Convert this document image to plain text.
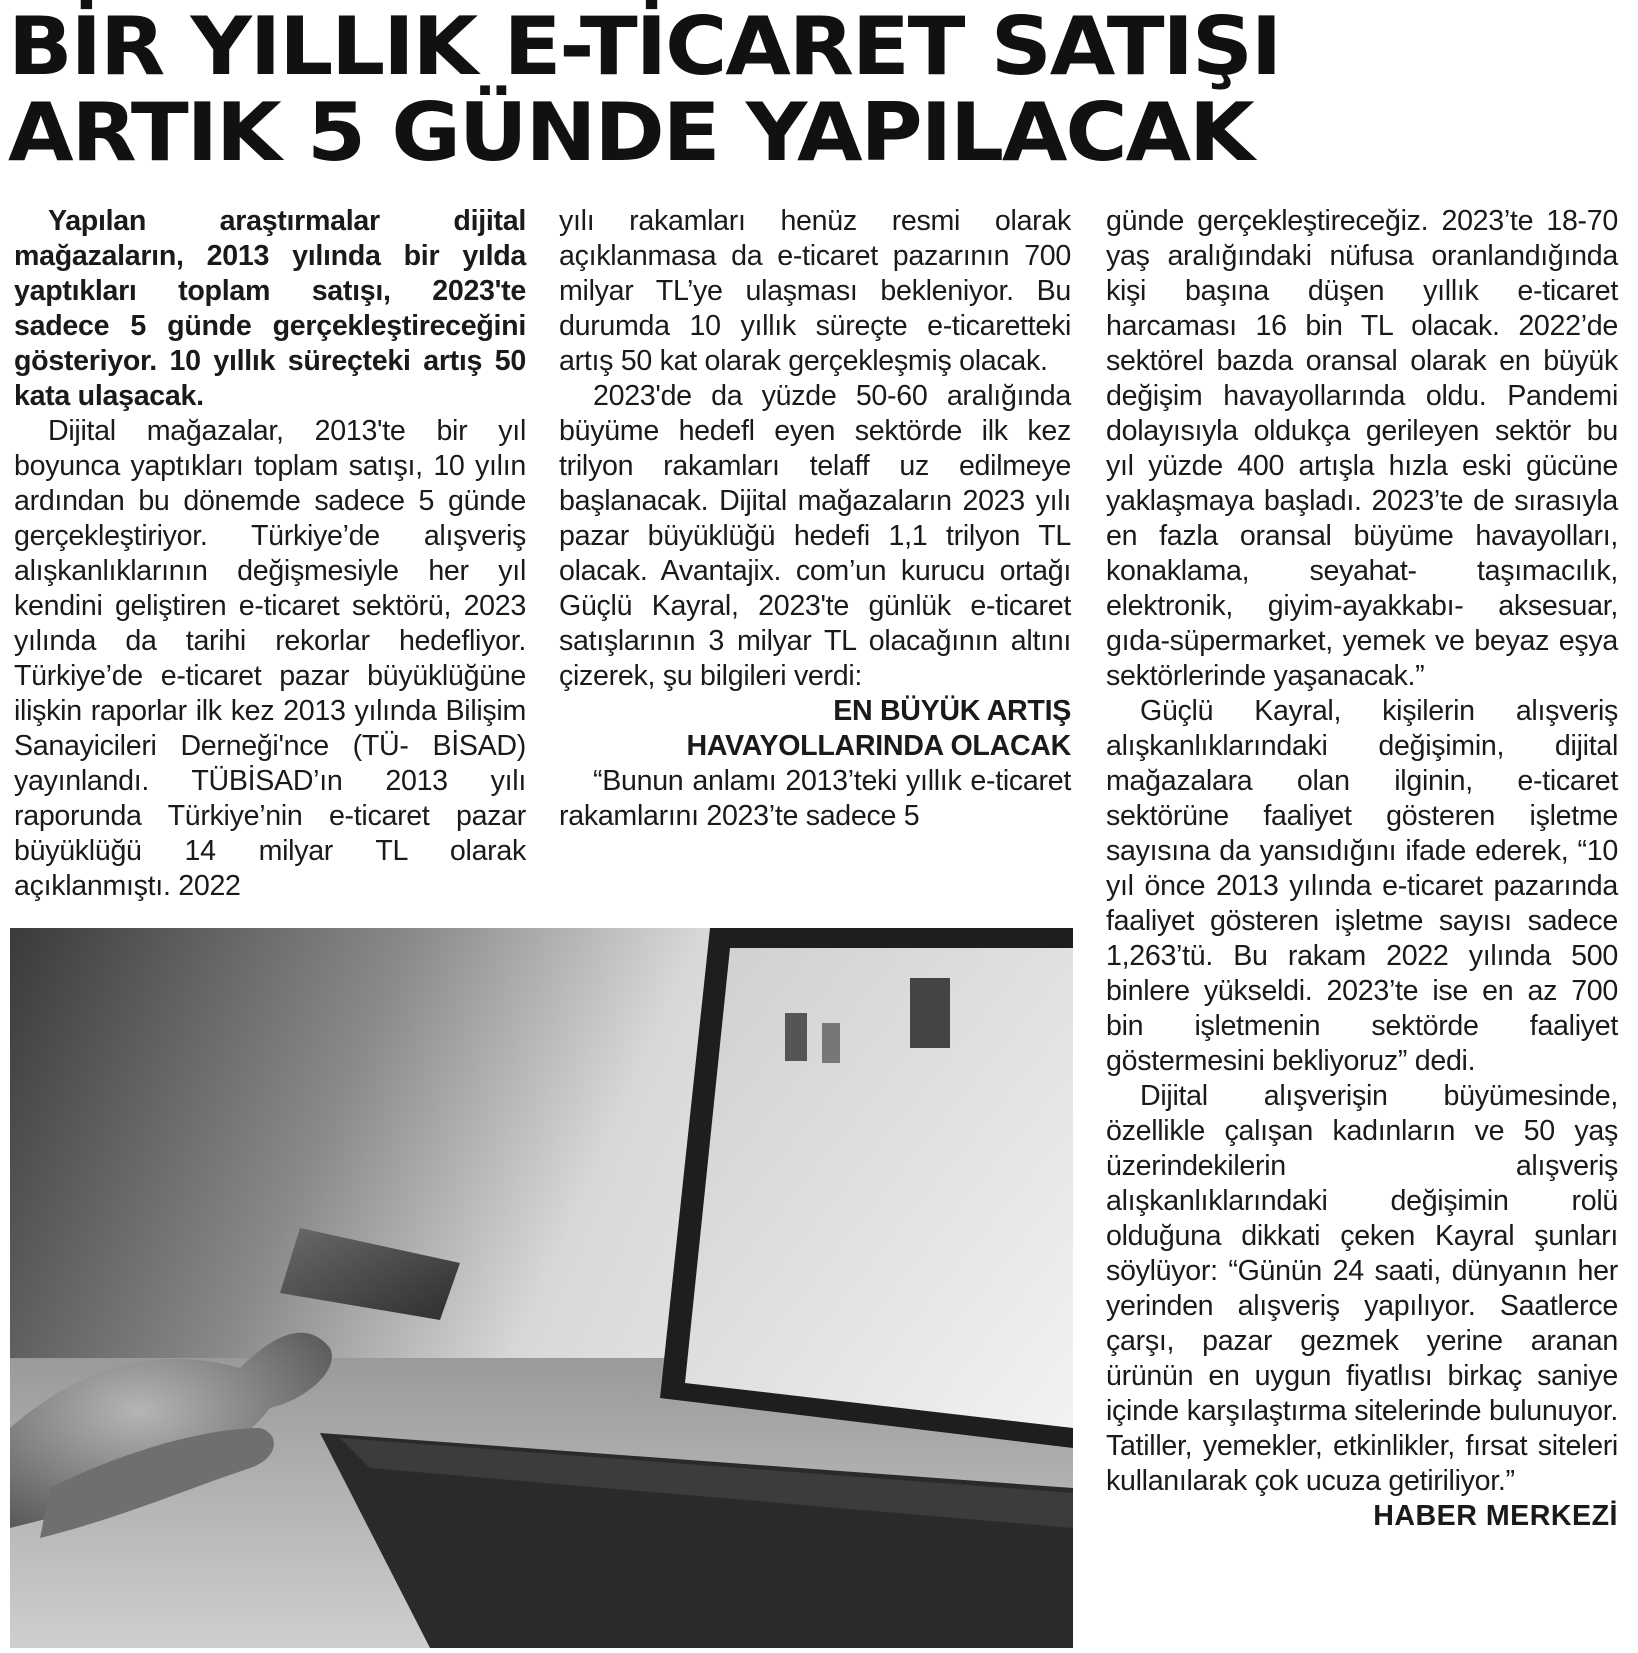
BİR YILLIK E-TİCARET SATIŞI
ARTIK 5 GÜNDE YAPILACAK

Yapılan araştırmalar dijital mağazaların, 2013 yılında bir yılda yaptıkları toplam satışı, 2023'te sadece 5 günde gerçekleştireceğini gösteriyor. 10 yıllık süreçteki artış 50 kata ulaşacak.

Dijital mağazalar, 2013'te bir yıl boyunca yaptıkları toplam satışı, 10 yılın ardından bu dönemde sadece 5 günde gerçekleştiriyor. Türkiye’de alışveriş alışkanlıklarının değişmesiyle her yıl kendini geliştiren e-ticaret sektörü, 2023 yılında da tarihi rekorlar hedefliyor. Türkiye’de e-ticaret pazar büyüklüğüne ilişkin raporlar ilk kez 2013 yılında Bilişim Sanayicileri Derneği'nce (TÜ- BİSAD) yayınlandı. TÜBİSAD’ın 2013 yılı raporunda Türkiye’nin e-ticaret pazar büyüklüğü 14 milyar TL olarak açıklanmıştı. 2022

yılı rakamları henüz resmi olarak açıklanmasa da e-ticaret pazarının 700 milyar TL’ye ulaşması bekleniyor. Bu durumda 10 yıllık süreçte e-ticaretteki artış 50 kat olarak gerçekleşmiş olacak.

2023'de da yüzde 50-60 aralığında büyüme hedefl eyen sektörde ilk kez trilyon rakamları telaff uz edilmeye başlanacak. Dijital mağazaların 2023 yılı pazar büyüklüğü hedefi 1,1 trilyon TL olacak. Avantajix. com’un kurucu ortağı Güçlü Kayral, 2023'te günlük e-ticaret satışlarının 3 milyar TL olacağının altını çizerek, şu bilgileri verdi:

EN BÜYÜK ARTIŞ

HAVAYOLLARINDA OLACAK

“Bunun anlamı 2013’teki yıllık e-ticaret rakamlarını 2023’te sadece 5

günde gerçekleştireceğiz. 2023’te 18-70 yaş aralığındaki nüfusa oranlandığında kişi başına düşen yıllık e-ticaret harcaması 16 bin TL olacak. 2022’de sektörel bazda oransal olarak en büyük değişim havayollarında oldu. Pandemi dolayısıyla oldukça gerileyen sektör bu yıl yüzde 400 artışla hızla eski gücüne yaklaşmaya başladı. 2023’te de sırasıyla en fazla oransal büyüme havayolları, konaklama, seyahat- taşımacılık, elektronik, giyim-ayakkabı- aksesuar, gıda-süpermarket, yemek ve beyaz eşya sektörlerinde yaşanacak.”

Güçlü Kayral, kişilerin alışveriş alışkanlıklarındaki değişimin, dijital mağazalara olan ilginin, e-ticaret sektörüne faaliyet gösteren işletme sayısına da yansıdığını ifade ederek, “10 yıl önce 2013 yılında e-ticaret pazarında faaliyet gösteren işletme sayısı sadece 1,263’tü. Bu rakam 2022 yılında 500 binlere yükseldi. 2023’te ise en az 700 bin işletmenin sektörde faaliyet göstermesini bekliyoruz” dedi.

Dijital alışverişin büyümesinde, özellikle çalışan kadınların ve 50 yaş üzerindekilerin alışveriş alışkanlıklarındaki değişimin rolü olduğuna dikkati çeken Kayral şunları söylüyor: “Günün 24 saati, dünyanın her yerinden alışveriş yapılıyor. Saatlerce çarşı, pazar gezmek yerine aranan ürünün en uygun fiyatlısı birkaç saniye içinde karşılaştırma sitelerinde bulunuyor. Tatiller, yemekler, etkinlikler, fırsat siteleri kullanılarak çok ucuza getiriliyor.”
HABER MERKEZİ
